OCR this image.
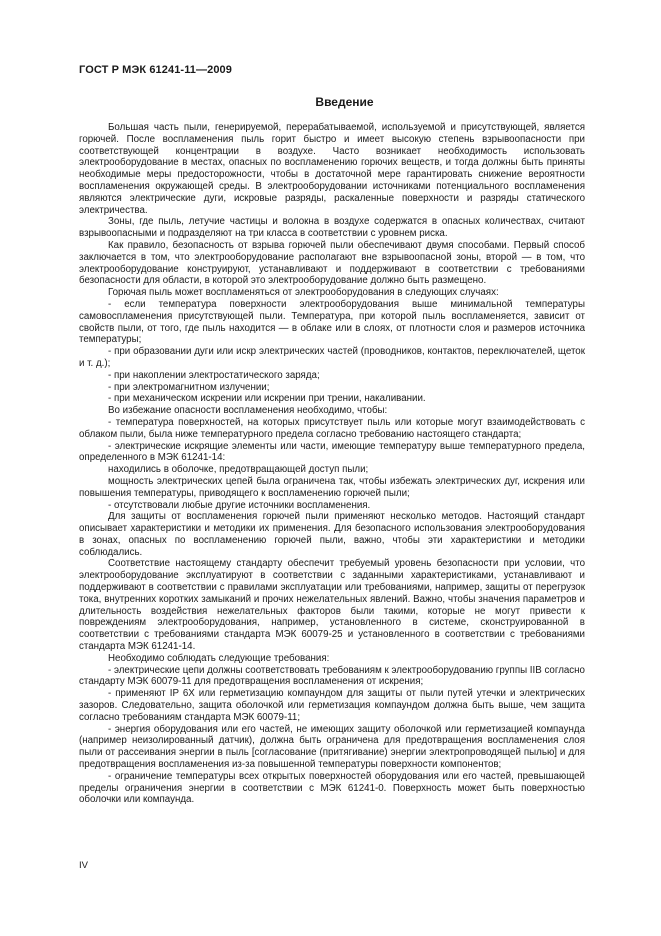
ГОСТ Р МЭК 61241-11—2009
Введение

Большая часть пыли, генерируемой, перерабатываемой, используемой и присутствующей, является горючей. После воспламенения пыль горит быстро и имеет высокую степень взрывоопасности при соответствующей концентрации в воздухе. Часто возникает необходимость использовать электрооборудование в местах, опасных по воспламенению горючих веществ, и тогда должны быть приняты необходимые меры предосторожности, чтобы в достаточной мере гарантировать снижение вероятности воспламенения окружающей среды. В электрооборудовании источниками потенциального воспламенения являются электрические дуги, искровые разряды, раскаленные поверхности и разряды статического электричества.

Зоны, где пыль, летучие частицы и волокна в воздухе содержатся в опасных количествах, считают взрывоопасными и подразделяют на три класса в соответствии с уровнем риска.

Как правило, безопасность от взрыва горючей пыли обеспечивают двумя способами. Первый способ заключается в том, что электрооборудование располагают вне взрывоопасной зоны, второй — в том, что электрооборудование конструируют, устанавливают и поддерживают в соответствии с требованиями безопасности для области, в которой это электрооборудование должно быть размещено.

Горючая пыль может воспламеняться от электрооборудования в следующих случаях:

- если температура поверхности электрооборудования выше минимальной температуры самовоспламенения присутствующей пыли. Температура, при которой пыль воспламеняется, зависит от свойств пыли, от того, где пыль находится — в облаке или в слоях, от плотности слоя и размеров источника температуры;

- при образовании дуги или искр электрических частей (проводников, контактов, переключателей, щеток и т. д.);

- при накоплении электростатического заряда;

- при электромагнитном излучении;

- при механическом искрении или искрении при трении, накаливании.

Во избежание опасности воспламенения необходимо, чтобы:

- температура поверхностей, на которых присутствует пыль или которые могут взаимодействовать с облаком пыли, была ниже температурного предела согласно требованию настоящего стандарта;

- электрические искрящие элементы или части, имеющие температуру выше температурного предела, определенного в МЭК 61241-14:

находились в оболочке, предотвращающей доступ пыли;

мощность электрических цепей была ограничена так, чтобы избежать электрических дуг, искрения или повышения температуры, приводящего к воспламенению горючей пыли;

- отсутствовали любые другие источники воспламенения.

Для защиты от воспламенения горючей пыли применяют несколько методов. Настоящий стандарт описывает характеристики и методики их применения. Для безопасного использования электрооборудования в зонах, опасных по воспламенению горючей пыли, важно, чтобы эти характеристики и методики соблюдались.

Соответствие настоящему стандарту обеспечит требуемый уровень безопасности при условии, что электрооборудование эксплуатируют в соответствии с заданными характеристиками, устанавливают и поддерживают в соответствии с правилами эксплуатации или требованиями, например, защиты от перегрузок тока, внутренних коротких замыканий и прочих нежелательных явлений. Важно, чтобы значения параметров и длительность воздействия нежелательных факторов были такими, которые не могут привести к повреждениям электрооборудования, например, установленного в системе, сконструированной в соответствии с требованиями стандарта МЭК 60079-25 и установленного в соответствии с требованиями стандарта МЭК 61241-14.

Необходимо соблюдать следующие требования:

- электрические цепи должны соответствовать требованиям к электрооборудованию группы IIB согласно стандарту МЭК 60079-11 для предотвращения воспламенения от искрения;

- применяют IP 6X или герметизацию компаундом для защиты от пыли путей утечки и электрических зазоров. Следовательно, защита оболочкой или герметизация компаундом должна быть выше, чем защита согласно требованиям стандарта МЭК 60079-11;

- энергия оборудования или его частей, не имеющих защиту оболочкой или герметизацией компаунда (например неизолированный датчик), должна быть ограничена для предотвращения воспламенения слоя пыли от рассеивания энергии в пыль [согласование (притягивание) энергии электропроводящей пылью] и для предотвращения воспламенения из-за повышенной температуры поверхности компонентов;

- ограничение температуры всех открытых поверхностей оборудования или его частей, превышающей пределы ограничения энергии в соответствии с МЭК 61241-0. Поверхность может быть поверхностью оболочки или компаунда.

IV
